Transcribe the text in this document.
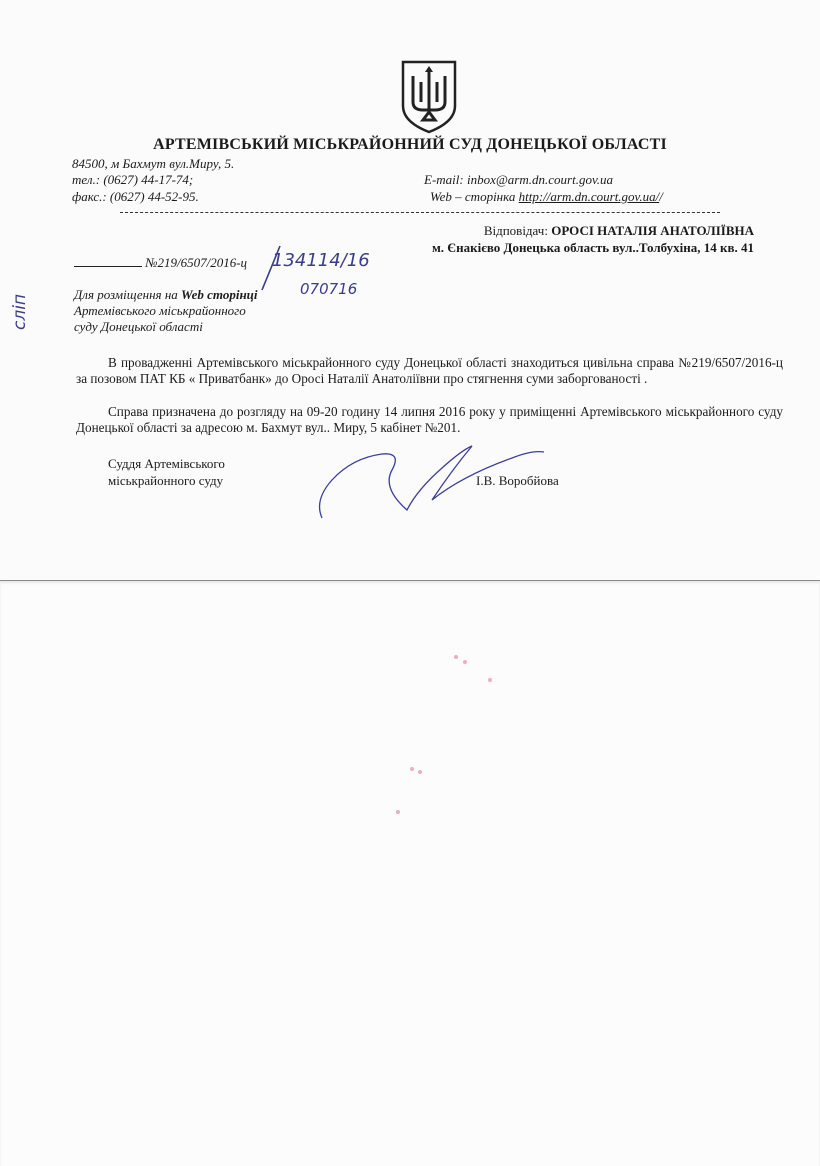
АРТЕМІВСЬКИЙ МІСЬКРАЙОННИЙ СУД ДОНЕЦЬКОЇ ОБЛАСТІ
84500, м Бахмут вул.Миру, 5.
тел.: (0627) 44-17-74;
факс.: (0627) 44-52-95.
E-mail: inbox@arm.dn.court.gov.ua
Web – сторінка http://arm.dn.court.gov.ua//
Відповідач: ОРОСІ НАТАЛІЯ АНАТОЛІЇВНА
м. Єнакієво Донецька область вул..Толбухіна, 14 кв. 41
№219/6507/2016-ц 134114/16
070716
сліп	Для розміщення на Web сторінці
Артемівського міськрайонного
суду Донецької області
В провадженні Артемівського міськрайонного суду Донецької області знаходиться цивільна справа №219/6507/2016-ц за позовом ПАТ КБ « Приватбанк» до Оросі Наталії Анатоліївни про стягнення суми заборгованості .
Справа призначена до розгляду на 09-20 годину 14 липня 2016 року у приміщенні Артемівського міськрайонного суду Донецької області за адресою м. Бахмут вул.. Миру, 5 кабінет №201.
Суддя Артемівського
міськрайонного суду	І.В. Воробйова
